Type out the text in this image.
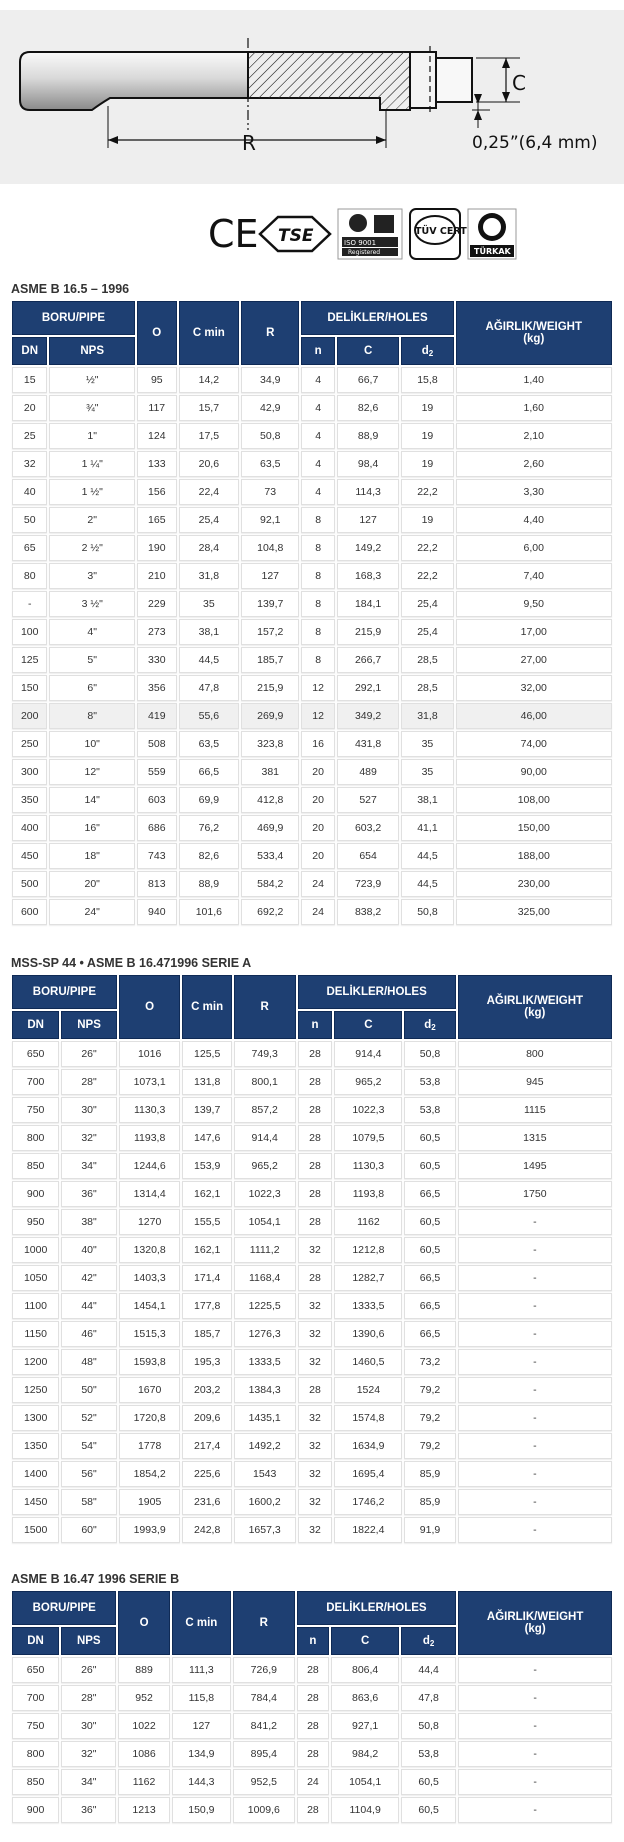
R
C
0,25”(6,4 mm)
CE TSE	ISO 9001
Registered
TÜV CERT
TÜRKAK
ASME B 16.5 – 1996
BORU/PIPE		O	C min	R	DELİKLER/HOLES			AĞIRLIK/WEIGHT
(kg)

DN	NPS				n	C	$d_2$
15	½"	95	14,2	34,9	4	66,7	15,8	1,40
20	¾"	117	15,7	42,9	4	82,6	19	1,60
25	1"	124	17,5	50,8	4	88,9	19	2,10
32	1 ¼"	133	20,6	63,5	4	98,4	19	2,60
40	1 ½"	156	22,4	73	4	114,3	22,2	3,30
50	2"	165	25,4	92,1	8	127	19	4,40
65	2 ½"	190	28,4	104,8	8	149,2	22,2	6,00
80	3"	210	31,8	127	8	168,3	22,2	7,40
-	3 ½"	229	35	139,7	8	184,1	25,4	9,50
100	4"	273	38,1	157,2	8	215,9	25,4	17,00
125	5"	330	44,5	185,7	8	266,7	28,5	27,00
150	6"	356	47,8	215,9	12	292,1	28,5	32,00
200	8"	419	55,6	269,9	12	349,2	31,8	46,00
250	10"	508	63,5	323,8	16	431,8	35	74,00
300	12"	559	66,5	381	20	489	35	90,00
350	14"	603	69,9	412,8	20	527	38,1	108,00
400	16"	686	76,2	469,9	20	603,2	41,1	150,00
450	18"	743	82,6	533,4	20	654	44,5	188,00
500	20"	813	88,9	584,2	24	723,9	44,5	230,00
600	24"	940	101,6	692,2	24	838,2	50,8	325,00
MSS-SP 44 • ASME B 16.471996 SERIE A
BORU/PIPE		O	C min	R	DELİKLER/HOLES			AĞIRLIK/WEIGHT
(kg)

DN	NPS				n	C	$d_2$
650	26"	1016	125,5	749,3	28	914,4	50,8	800
700	28"	1073,1	131,8	800,1	28	965,2	53,8	945
750	30"	1130,3	139,7	857,2	28	1022,3	53,8	1115
800	32"	1193,8	147,6	914,4	28	1079,5	60,5	1315
850	34"	1244,6	153,9	965,2	28	1130,3	60,5	1495
900	36"	1314,4	162,1	1022,3	28	1193,8	66,5	1750
950	38"	1270	155,5	1054,1	28	1162	60,5	-
1000	40"	1320,8	162,1	1111,2	32	1212,8	60,5	-
1050	42"	1403,3	171,4	1168,4	28	1282,7	66,5	-
1100	44"	1454,1	177,8	1225,5	32	1333,5	66,5	-
1150	46"	1515,3	185,7	1276,3	32	1390,6	66,5	-
1200	48"	1593,8	195,3	1333,5	32	1460,5	73,2	-
1250	50"	1670	203,2	1384,3	28	1524	79,2	-
1300	52"	1720,8	209,6	1435,1	32	1574,8	79,2	-
1350	54"	1778	217,4	1492,2	32	1634,9	79,2	-
1400	56"	1854,2	225,6	1543	32	1695,4	85,9	-
1450	58"	1905	231,6	1600,2	32	1746,2	85,9	-
1500	60"	1993,9	242,8	1657,3	32	1822,4	91,9	-
ASME B 16.47 1996 SERIE B
BORU/PIPE		O	C min	R	DELİKLER/HOLES			AĞIRLIK/WEIGHT
(kg)

DN	NPS				n	C	$d_2$
650	26"	889	111,3	726,9	28	806,4	44,4	-
700	28"	952	115,8	784,4	28	863,6	47,8	-
750	30"	1022	127	841,2	28	927,1	50,8	-
800	32"	1086	134,9	895,4	28	984,2	53,8	-
850	34"	1162	144,3	952,5	24	1054,1	60,5	-
900	36"	1213	150,9	1009,6	28	1104,9	60,5	-
